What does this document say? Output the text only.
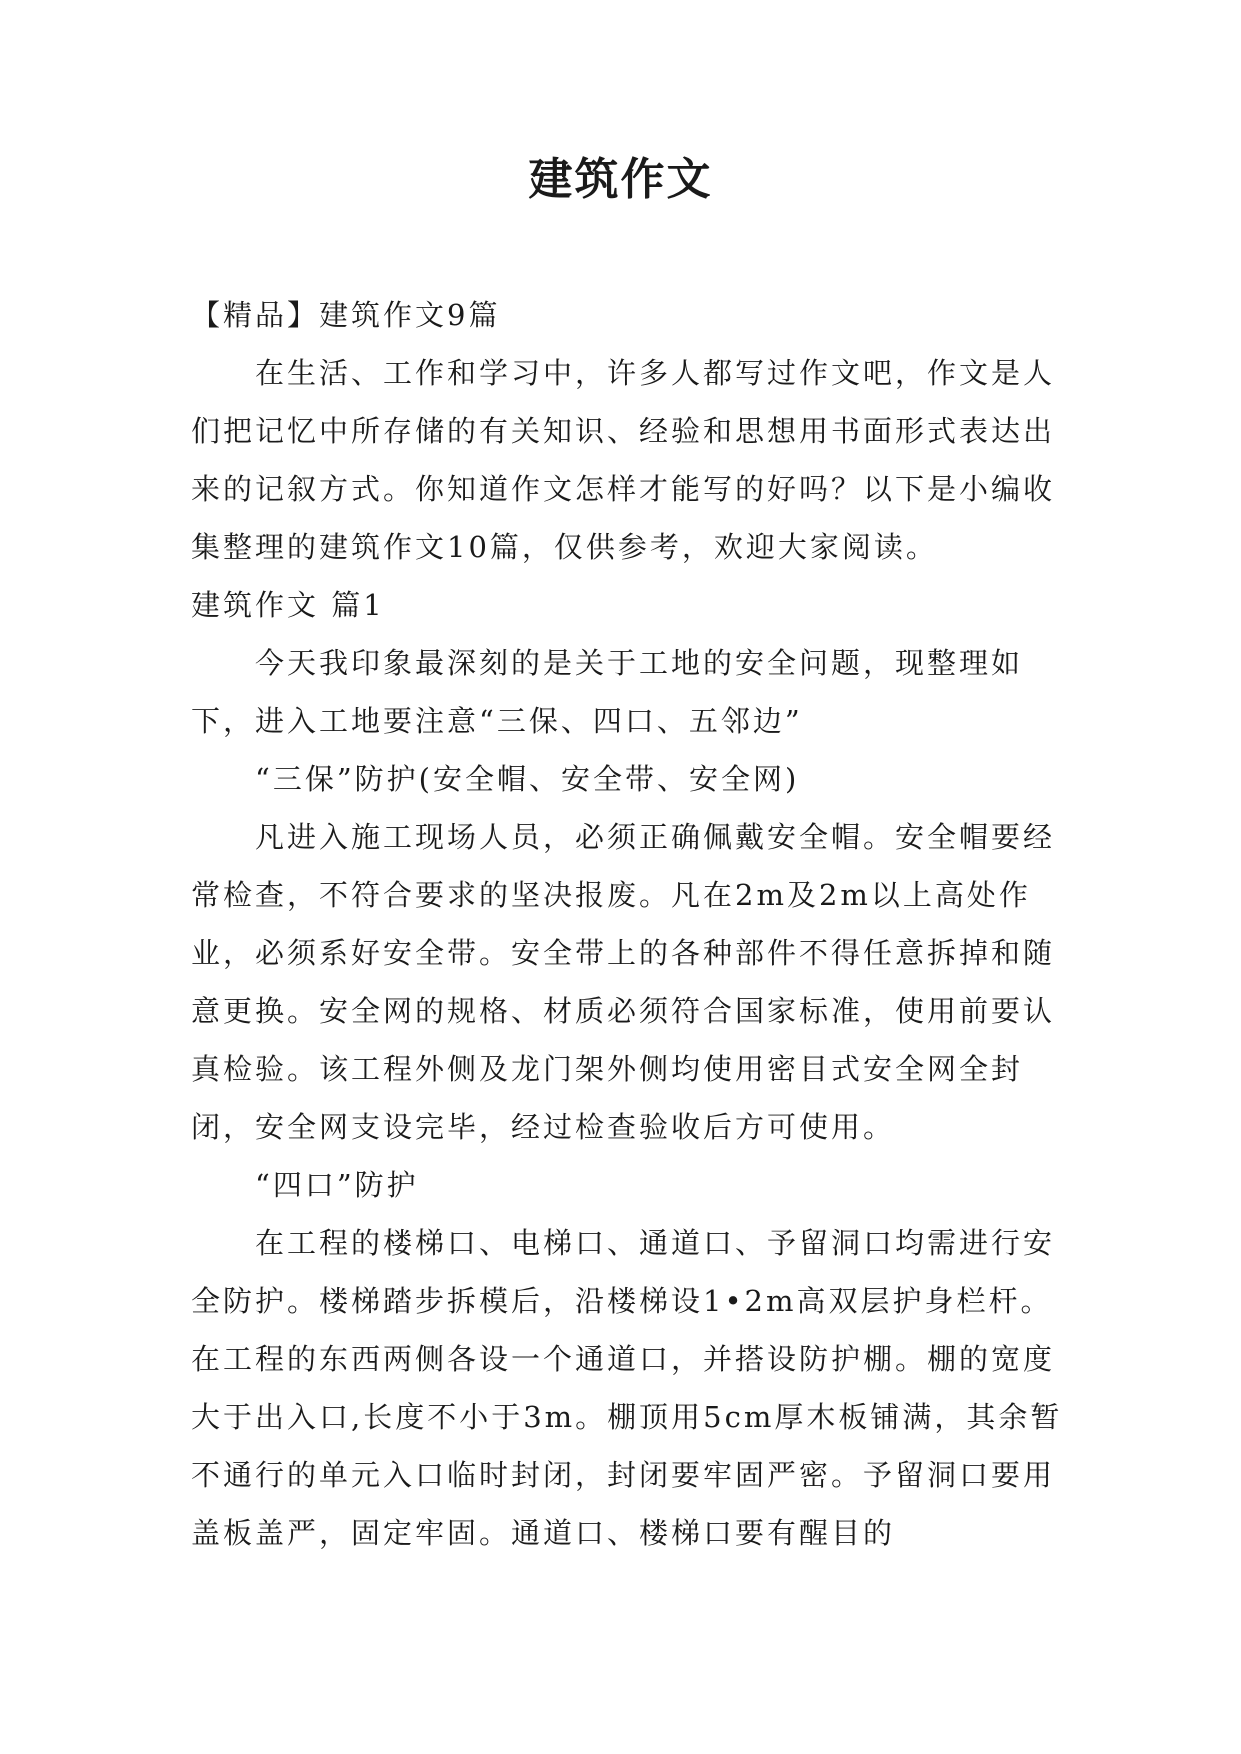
建筑作文

【精品】建筑作文9篇

在生活、工作和学习中，许多人都写过作文吧，作文是人们把记忆中所存储的有关知识、经验和思想用书面形式表达出来的记叙方式。你知道作文怎样才能写的好吗？以下是小编收集整理的建筑作文10篇，仅供参考，欢迎大家阅读。

建筑作文 篇1

今天我印象最深刻的是关于工地的安全问题，现整理如下，进入工地要注意“三保、四口、五邻边”

“三保”防护(安全帽、安全带、安全网)

凡进入施工现场人员，必须正确佩戴安全帽。安全帽要经常检查，不符合要求的坚决报废。凡在2m及2m以上高处作业，必须系好安全带。安全带上的各种部件不得任意拆掉和随意更换。安全网的规格、材质必须符合国家标准，使用前要认真检验。该工程外侧及龙门架外侧均使用密目式安全网全封闭，安全网支设完毕，经过检查验收后方可使用。

“四口”防护

在工程的楼梯口、电梯口、通道口、予留洞口均需进行安全防护。楼梯踏步拆模后，沿楼梯设1•2m高双层护身栏杆。在工程的东西两侧各设一个通道口，并搭设防护棚。棚的宽度大于出入口,长度不小于3m。棚顶用5cm厚木板铺满，其余暂不通行的单元入口临时封闭，封闭要牢固严密。予留洞口要用盖板盖严，固定牢固。通道口、楼梯口要有醒目的
